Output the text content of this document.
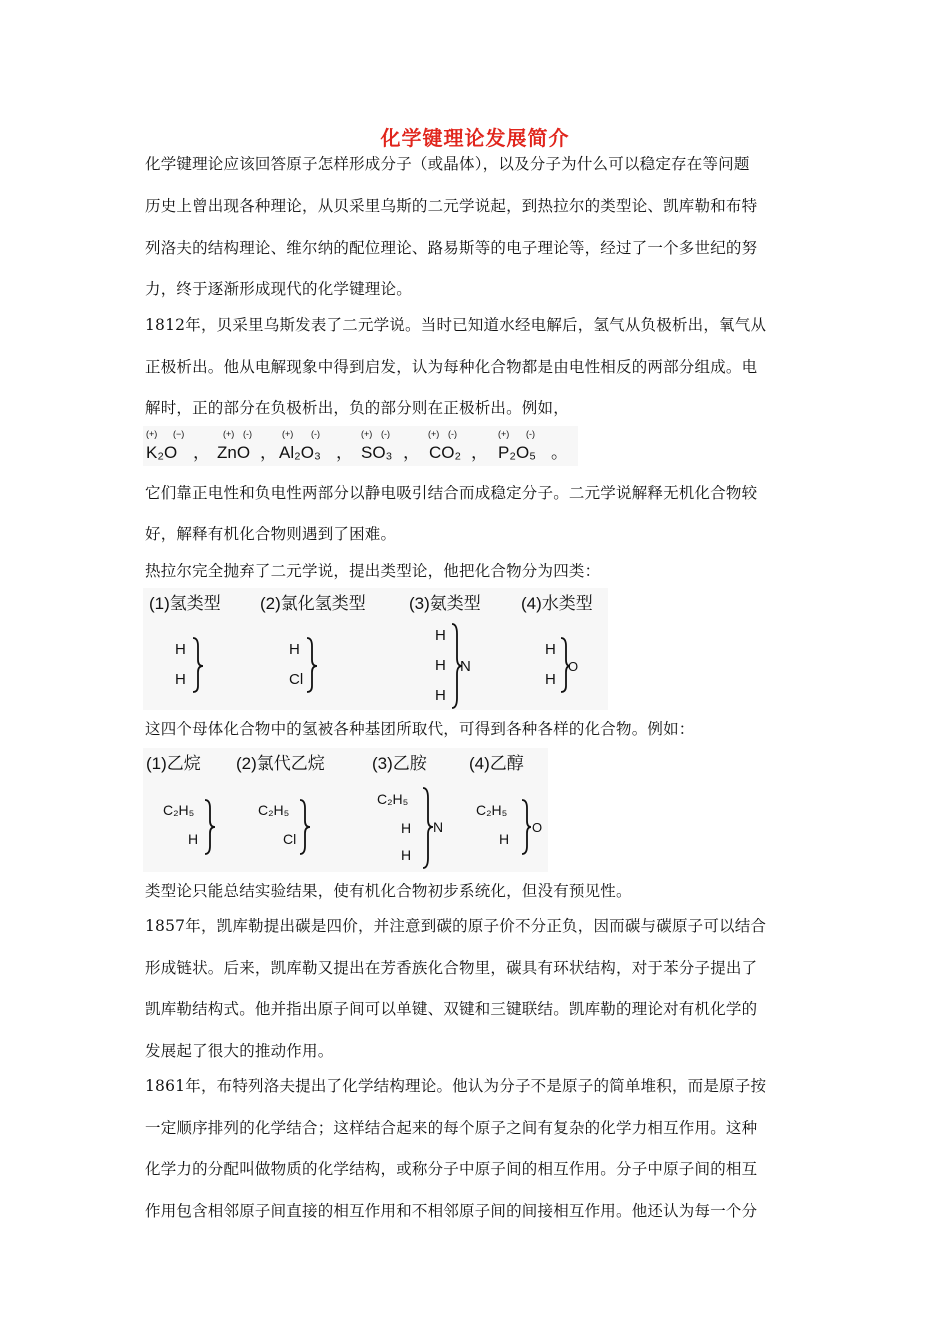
化学键理论发展简介
化学键理论应该回答原子怎样形成分子（或晶体），以及分子为什么可以稳定存在等问题
历史上曾出现各种理论，从贝采里乌斯的二元学说起，到热拉尔的类型论、凯库勒和布特
列洛夫的结构理论、维尔纳的配位理论、路易斯等的电子理论等，经过了一个多世纪的努
力，终于逐渐形成现代的化学键理论。
1812年，贝采里乌斯发表了二元学说。当时已知道水经电解后，氢气从负极析出，氧气从
正极析出。他从电解现象中得到启发，认为每种化合物都是由电性相反的两部分组成。电
解时，正的部分在负极析出，负的部分则在正极析出。例如，
(+) (−)	(+) (-)	(+) (-)	(+) (-)	(+) (-)	(+) (-)
K₂O ， ZnO ， Al₂O₃ ， SO₃ ， CO₂ ， P₂O₅ 。
它们靠正电性和负电性两部分以静电吸引结合而成稳定分子。二元学说解释无机化合物较
好，解释有机化合物则遇到了困难。
热拉尔完全抛弃了二元学说，提出类型论，他把化合物分为四类：
(1)氢类型 (2)氯化氢类型	(3)氨类型 (4)水类型
H
H
H
Cl
H
H
H
N
H
H
O
这四个母体化合物中的氢被各种基团所取代，可得到各种各样的化合物。例如：
(1)乙烷 (2)氯代乙烷	(3)乙胺 (4)乙醇
C₂H₅
H
C₂H₅
Cl
C₂H₅
H
H
N
C₂H₅
H
O
类型论只能总结实验结果，使有机化合物初步系统化，但没有预见性。
1857年，凯库勒提出碳是四价，并注意到碳的原子价不分正负，因而碳与碳原子可以结合
形成链状。后来，凯库勒又提出在芳香族化合物里，碳具有环状结构，对于苯分子提出了
凯库勒结构式。他并指出原子间可以单键、双键和三键联结。凯库勒的理论对有机化学的
发展起了很大的推动作用。
1861年，布特列洛夫提出了化学结构理论。他认为分子不是原子的简单堆积，而是原子按
一定顺序排列的化学结合；这样结合起来的每个原子之间有复杂的化学力相互作用。这种
化学力的分配叫做物质的化学结构，或称分子中原子间的相互作用。分子中原子间的相互
作用包含相邻原子间直接的相互作用和不相邻原子间的间接相互作用。他还认为每一个分
